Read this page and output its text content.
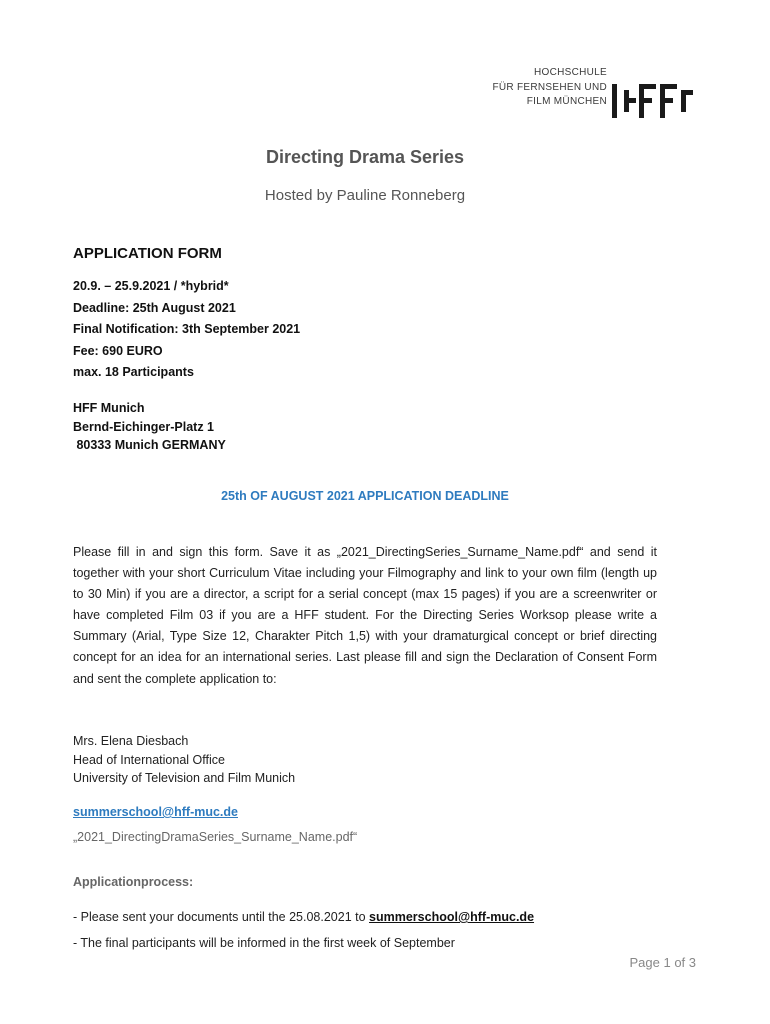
HOCHSCHULE
FÜR FERNSEHEN UND
FILM MÜNCHEN
Directing Drama Series
Hosted by Pauline Ronneberg
APPLICATION FORM
20.9. – 25.9.2021 / *hybrid*
Deadline: 25th August 2021
Final Notification: 3th September 2021
Fee: 690 EURO
max. 18 Participants
HFF Munich
Bernd-Eichinger-Platz 1
80333 Munich GERMANY
25th OF AUGUST 2021 APPLICATION DEADLINE
Please fill in and sign this form. Save it as „2021_DirectingSeries_Surname_Name.pdf“ and send it together with your short Curriculum Vitae including your Filmography and link to your own film (length up to 30 Min) if you are a director, a script for a serial concept (max 15 pages) if you are a screenwriter or have completed Film 03 if you are a HFF student. For the Directing Series Worksop please write a Summary (Arial, Type Size 12, Charakter Pitch 1,5) with your dramaturgical concept or brief directing concept for an idea for an international series. Last please fill and sign the Declaration of Consent Form and sent the complete application to:
Mrs. Elena Diesbach
Head of International Office
University of Television and Film Munich
summerschool@hff-muc.de
„2021_DirectingDramaSeries_Surname_Name.pdf“
Applicationprocess:
- Please sent your documents until the 25.08.2021 to summerschool@hff-muc.de
- The final participants will be informed in the first week of September
Page 1 of 3
